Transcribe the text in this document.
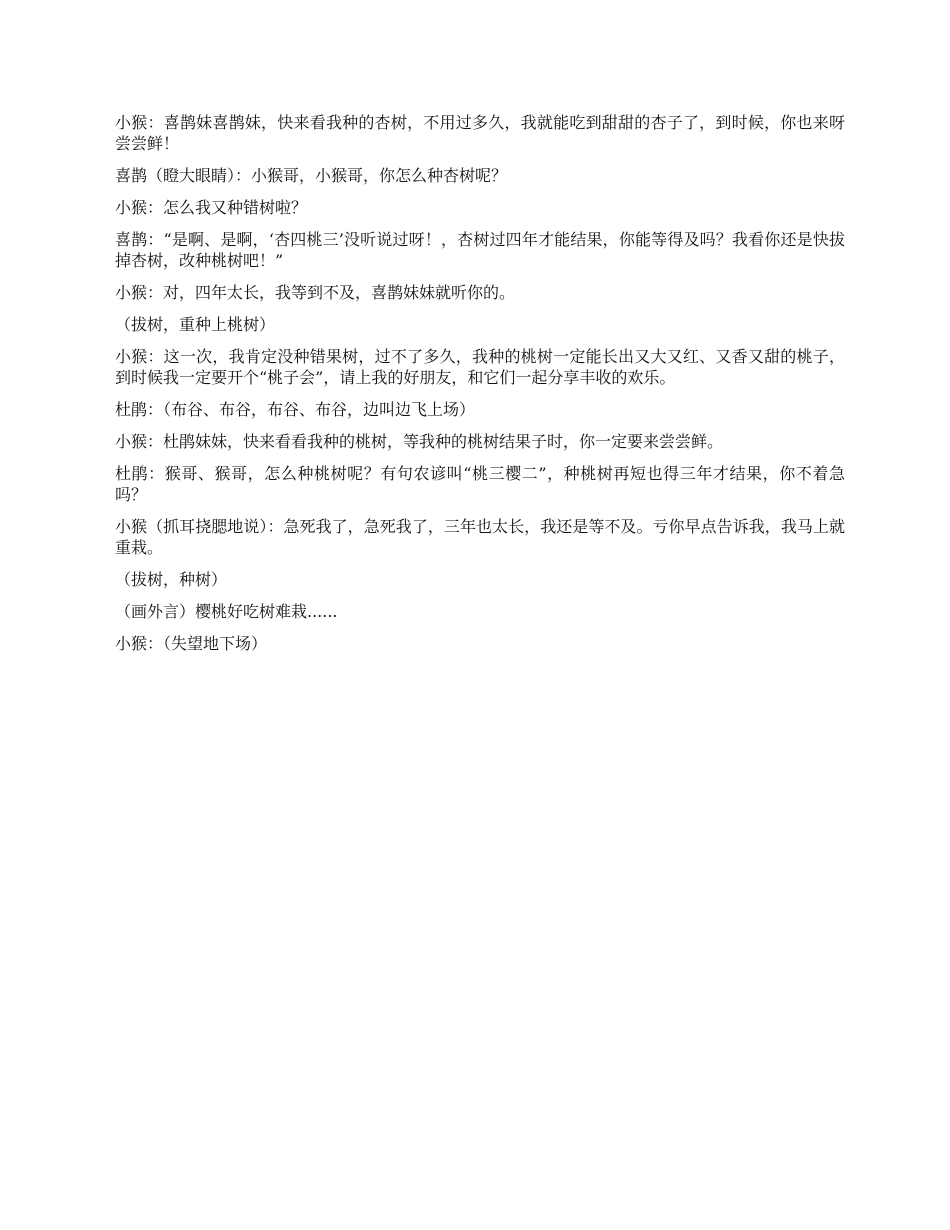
小猴：喜鹊妹喜鹊妹，快来看我种的杏树，不用过多久，我就能吃到甜甜的杏子了，到时候，你也来呀尝尝鲜！

喜鹊（瞪大眼睛）：小猴哥，小猴哥，你怎么种杏树呢？

小猴：怎么我又种错树啦？

喜鹊：“是啊、是啊，‘杏四桃三’没听说过呀！，杏树过四年才能结果，你能等得及吗？我看你还是快拔掉杏树，改种桃树吧！”

小猴：对，四年太长，我等到不及，喜鹊妹妹就听你的。

（拔树，重种上桃树）

小猴：这一次，我肯定没种错果树，过不了多久，我种的桃树一定能长出又大又红、又香又甜的桃子，到时候我一定要开个“桃子会”，请上我的好朋友，和它们一起分享丰收的欢乐。

杜鹃：（布谷、布谷，布谷、布谷，边叫边飞上场）

小猴：杜鹃妹妹，快来看看我种的桃树，等我种的桃树结果子时，你一定要来尝尝鲜。

杜鹃：猴哥、猴哥，怎么种桃树呢？有句农谚叫“桃三樱二”，种桃树再短也得三年才结果，你不着急吗？

小猴（抓耳挠腮地说）：急死我了，急死我了，三年也太长，我还是等不及。亏你早点告诉我，我马上就重栽。

（拔树，种树）

（画外言）樱桃好吃树难栽......

小猴：（失望地下场）
